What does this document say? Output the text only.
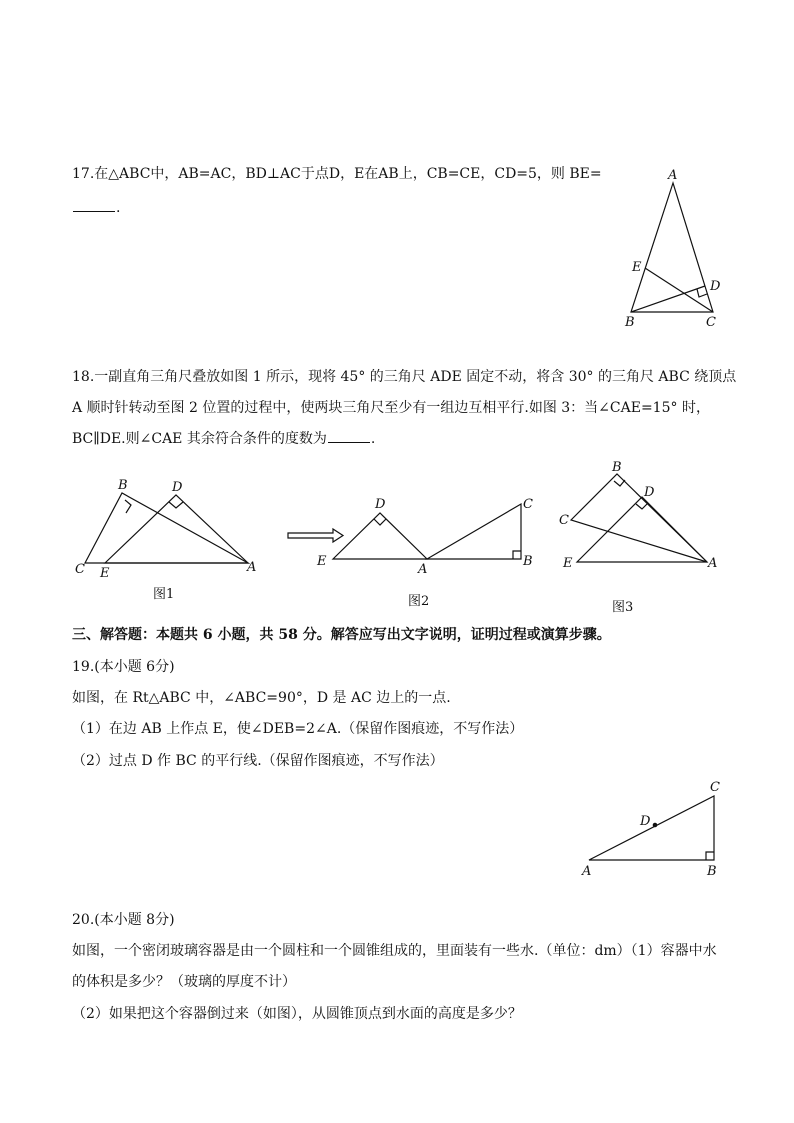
17.在△ABC中，AB=AC，BD⊥AC于点D，E在AB上，CB=CE，CD=5，则 BE=
.
A
B	C
D
E
18.一副直角三角尺叠放如图 1 所示，现将 45° 的三角尺 ADE 固定不动，将含 30° 的三角尺 ABC 绕顶点
A 顺时针转动至图 2 位置的过程中，使两块三角尺至少有一组边互相平行.如图 3：当∠CAE=15° 时，
BC∥DE.则∠CAE 其余符合条件的度数为	.
B	D
C E	A
图1
D	C
E
A
B
图2
B
D
C
E	A
图3
三、解答题：本题共 6 小题，共 58 分。解答应写出文字说明，证明过程或演算步骤。
19.(本小题 6分)
如图，在 Rt△ABC 中，∠ABC=90°，D 是 AC 边上的一点.
（1）在边 AB 上作点 E，使∠DEB=2∠A.（保留作图痕迹，不写作法）
（2）过点 D 作 BC 的平行线.（保留作图痕迹，不写作法）
A	B
C
D
20.(本小题 8分)
如图，一个密闭玻璃容器是由一个圆柱和一个圆锥组成的，里面装有一些水.（单位：dm）（1）容器中水
的体积是多少？（玻璃的厚度不计）
（2）如果把这个容器倒过来（如图），从圆锥顶点到水面的高度是多少？
